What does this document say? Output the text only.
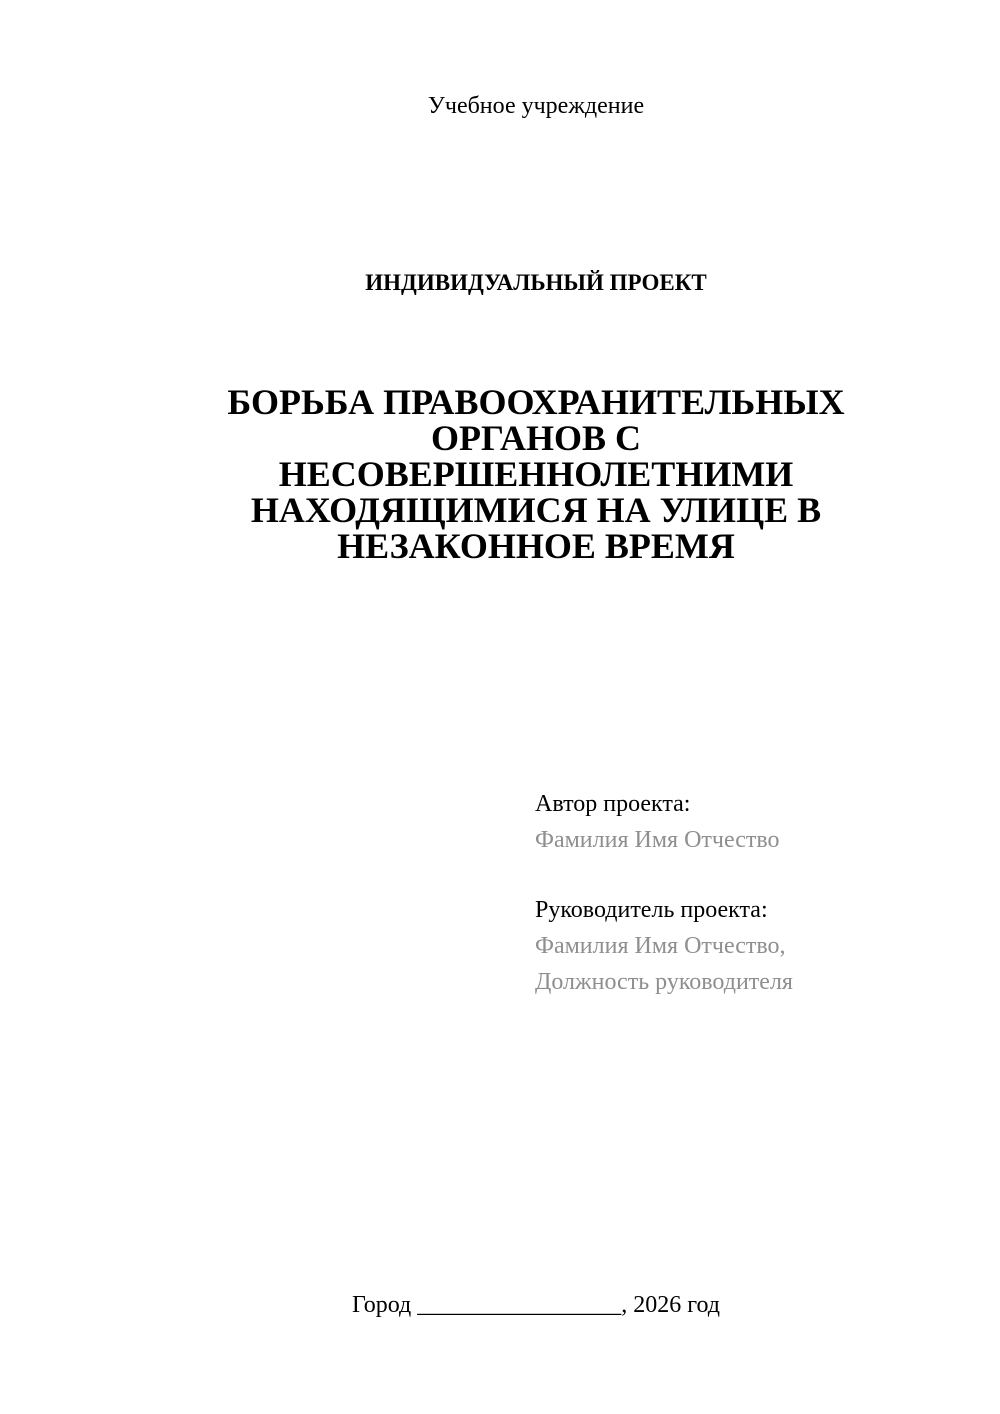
Учебное учреждение
ИНДИВИДУАЛЬНЫЙ ПРОЕКТ
БОРЬБА ПРАВООХРАНИТЕЛЬНЫХ
ОРГАНОВ С
НЕСОВЕРШЕННОЛЕТНИМИ
НАХОДЯЩИМИСЯ НА УЛИЦЕ В
НЕЗАКОННОЕ ВРЕМЯ
Автор проекта:
Фамилия Имя Отчество
Руководитель проекта:
Фамилия Имя Отчество,
Должность руководителя
Город _________________, 2026 год
